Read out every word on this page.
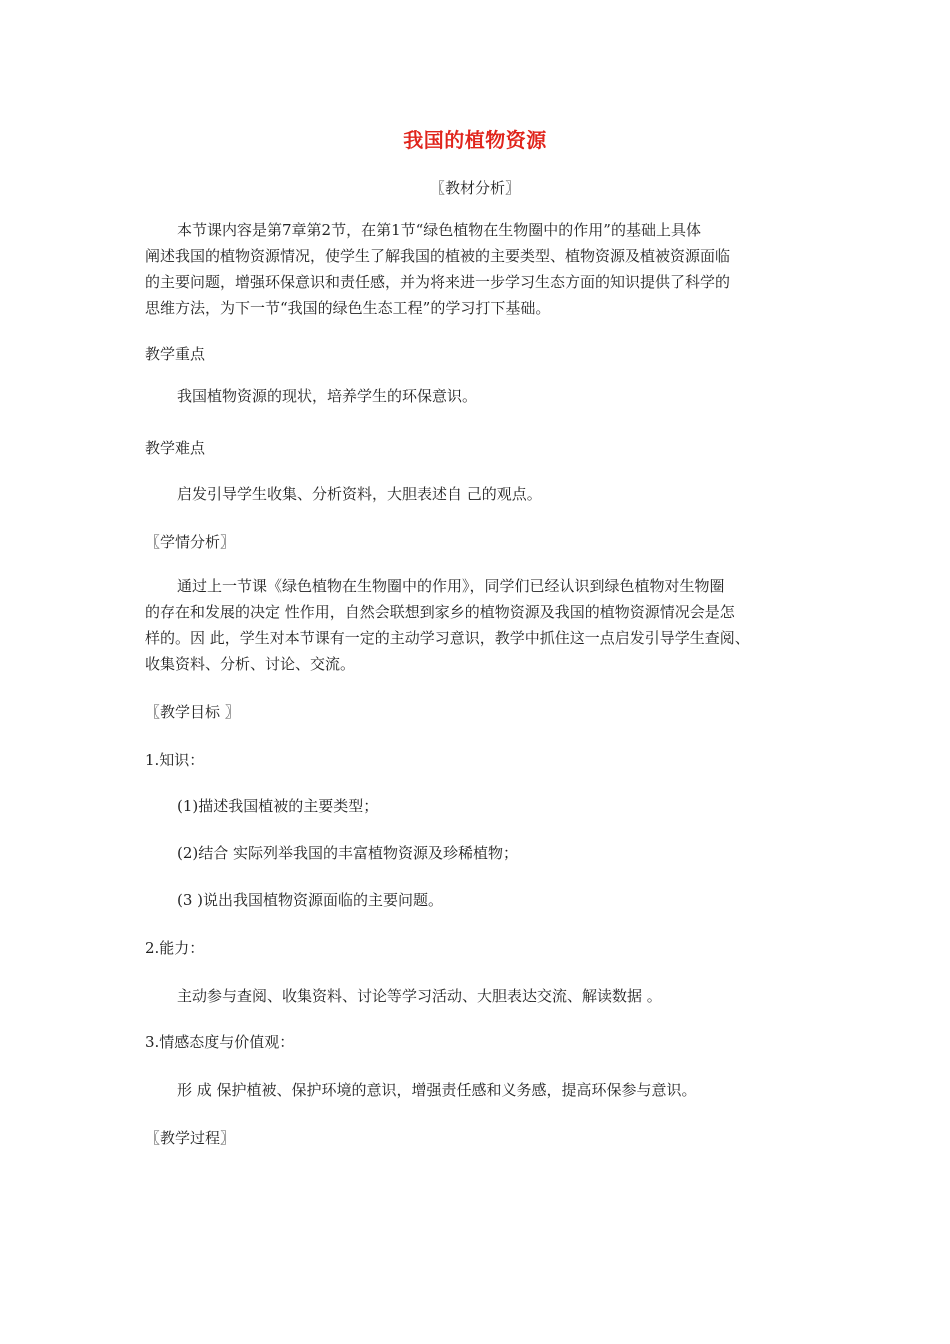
我国的植物资源
〖教材分析〗

本节课内容是第7章第2节，在第1节“绿色植物在生物圈中的作用”的基础上具体

阐述我国的植物资源情况，使学生了解我国的植被的主要类型、植物资源及植被资源面临

的主要问题，增强环保意识和责任感，并为将来进一步学习生态方面的知识提供了科学的

思维方法，为下一节“我国的绿色生态工程”的学习打下基础。

教学重点
我国植物资源的现状，培养学生的环保意识。
教学难点
启发引导学生收集、分析资料，大胆表述自 己的观点。
〖学情分析〗

通过上一节课《绿色植物在生物圈中的作用》，同学们已经认识到绿色植物对生物圈

的存在和发展的决定 性作用，自然会联想到家乡的植物资源及我国的植物资源情况会是怎

样的。因 此，学生对本节课有一定的主动学习意识，教学中抓住这一点启发引导学生查阅、

收集资料、分析、讨论、交流。

〖教学目标 〗
1.知识：
(1)描述我国植被的主要类型；
(2)结合 实际列举我国的丰富植物资源及珍稀植物；
(3 )说出我国植物资源面临的主要问题。
2.能力：
主动参与查阅、收集资料、讨论等学习活动、大胆表达交流、解读数据 。
3.情感态度与价值观：
形 成 保护植被、保护环境的意识，增强责任感和义务感，提高环保参与意识。
〖教学过程〗
